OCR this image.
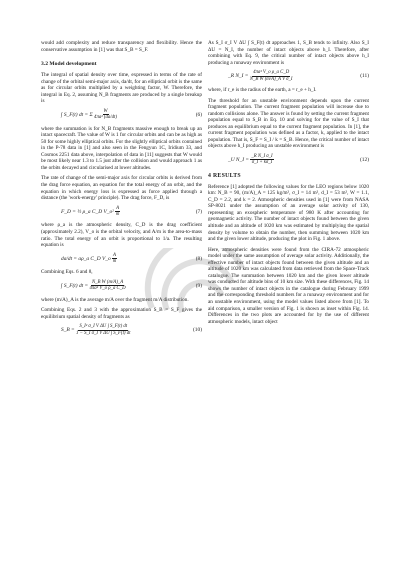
would add complexity and reduce transparency and flexibility. Hence the conservative assumption in [1] was that S_B = S_F.

3.2 Model development

The integral of spatial density over time, expressed in terms of the rate of change of the orbital semi-major axis, da/dt, for an elliptical orbit is the same as for circular orbits multiplied by a weighting factor, W. Therefore, the integral in Eq. 2, assuming N_B fragments are produced by a single breakup is

∫ S_F(t) dt = Σ $\frac{W}{\text{4πa² (da/dt)}}$	(6)

where the summation is for N_B fragments massive enough to break up an intact spacecraft. The value of W is 1 for circular orbits and can be as high as 50 for some highly elliptical orbits. For the slightly elliptical orbits contained in the P-78 data in [1] and also seen in the Fengyun 1C, Iridium 33, and Cosmos 2251 data above, interpolation of data in [11] suggests that W would be most likely near 1.3 to 1.5 just after the collision and would approach 1 as the orbits decayed and circularised at lower altitudes.

The rate of change of the semi-major axis for circular orbits is derived from the drag force equation, an equation for the total energy of an orbit, and the equation in which energy loss is expressed as force applied through a distance (the 'work-energy' principle). The drag force, F_D, is

F_D = ½ ρ_a C_D V_o² $\frac{A}{m}$	(7)

where ρ_a is the atmospheric density, C_D is the drag coefficient (approximately 2.2), V_o is the orbital velocity, and A/m is the area-to-mass ratio. The total energy of an orbit is proportional to 1/a. The resulting equation is

da/dt = aρ_a C_D V_o $\frac{A}{m}$	(8)

Combining Eqs. 6 and 8,

∫ S_F(t) dt = $\frac{\text{N\_B W (m/A)\_A}}{\text{4πa³ V\_o ρ\_a C\_D}}$	(9)

where (m/A)_A is the average m/A over the fragment m/A distribution.

Combining Eqs. 2 and 3 with the approximation S_B = S_F gives the equilibrium spatial density of fragments as

S_B = $\frac{\text{S\_I² σ\_I V ΔU ∫ S\_F(t) dt}}{\text{1 − S\_I σ\_I V ΔU ∫ S\_F(t) dt}}$	(10)

As S_I σ_I V ΔU ∫ S_F(t) dt approaches 1, S_B tends to infinity. Also S_I ΔU = N_I, the number of intact objects above h_I. Therefore, after combining with Eq. 9, the critical number of intact objects above h_I producing a runaway environment is

_R N_I = $\frac{\text{4πa³ V\_o ρ\_a C\_D}}{\text{N\_B W (m/A)\_A V σ\_I}}$	(11)

where, if r_e is the radius of the earth, a = r_e + h_I.

The threshold for an unstable environment depends upon the current fragment population. The current fragment population will increase due to random collisions alone. The answer is found by setting the current fragment population equal to S_B in Eq. 10 and solving for the value of S_I that produces an equilibrium equal to the current fragment population. In [1], the current fragment population was defined as a factor, k, applied to the intact population. That is, S_F = S_I / k = S_B. Hence, the critical number of intact objects above h_I producing an unstable environment is

_U N_I = $\frac{\text{\_R N\_I σ\_I}}{\sigma\_I + k\sigma\_I}$	(12)
4 RESULTS

Reference [1] adopted the following values for the LEO regions below 1020 km: N_B = 90, (m/A)_A = 125 kg/m², σ_I = 14 m², d_I = 53 m², W = 1.1, C_D = 2.2, and k = 2. Atmospheric densities used in [1] were from NASA SP-8021 under the assumption of an average solar activity of 130, representing an exospheric temperature of 980 K after accounting for geomagnetic activity. The number of intact objects found between the given altitude and an altitude of 1020 km was estimated by multiplying the spatial density by volume to obtain the number, then summing between 1020 km and the given lower altitude, producing the plot in Fig. 1 above.

Here, atmospheric densities were found from the CIRA-72 atmospheric model under the same assumption of average solar activity. Additionally, the effective number of intact objects found between the given altitude and an altitude of 1020 km was calculated from data retrieved from the Space-Track catalogue. The summation between 1020 km and the given lower altitude was conducted for altitude bins of 10 km size. With these differences, Fig. 14 shows the number of intact objects in the catalogue during February 1999 and the corresponding threshold numbers for a runaway environment and for an unstable environment, using the model values listed above from [1]. To aid comparison, a smaller version of Fig. 1 is shown as inset within Fig. 14. Differences in the two plots are accounted for by the use of different atmospheric models, intact object
